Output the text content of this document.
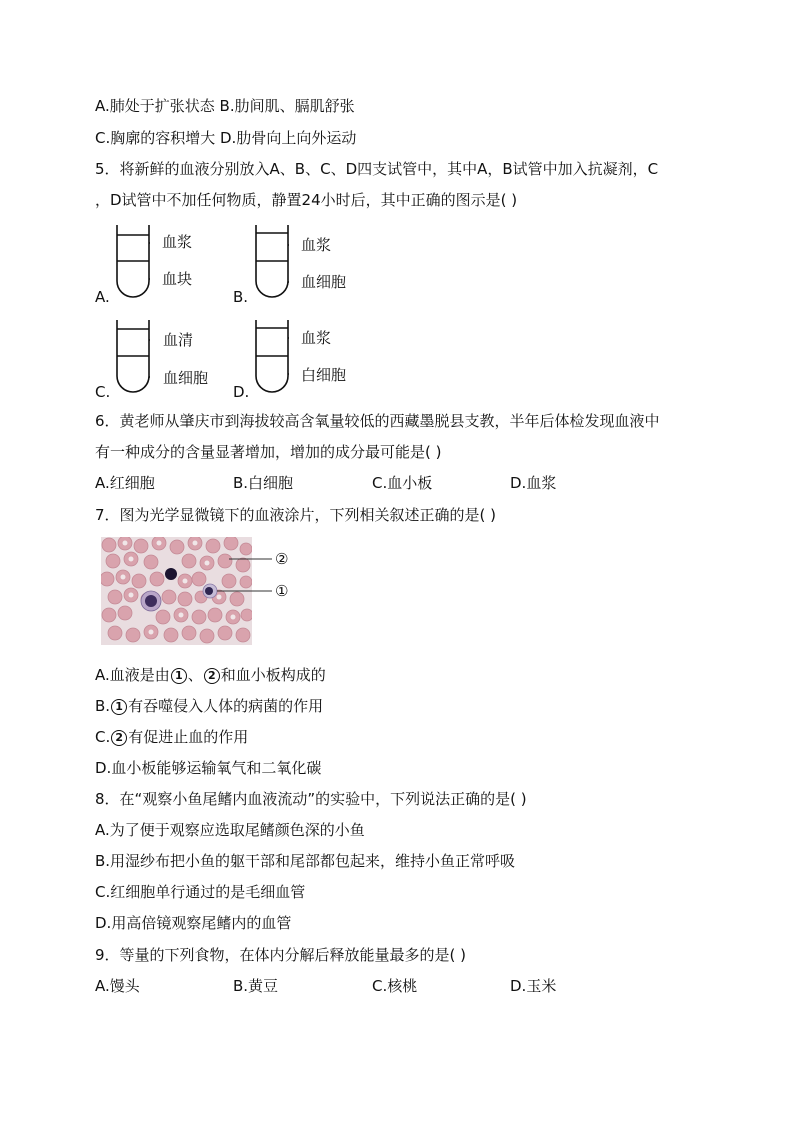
A.肺处于扩张状态 B.肋间肌、膈肌舒张
C.胸廓的容积增大 D.肋骨向上向外运动
5．将新鲜的血液分别放入A、B、C、D四支试管中，其中A，B试管中加入抗凝剂，C
，D试管中不加任何物质，静置24小时后，其中正确的图示是( )
血浆
血块
A.
血浆
血细胞
B.
血清
血细胞
C.
血浆
白细胞
D.
6．黄老师从肇庆市到海拔较高含氧量较低的西藏墨脱县支教，半年后体检发现血液中
有一种成分的含量显著增加，增加的成分最可能是( )
A.红细胞	B.白细胞	C.血小板	D.血浆
7．图为光学显微镜下的血液涂片，下列相关叙述正确的是( )
②
①
A.血液是由 1 、 2 和血小板构成的
B. 1 有吞噬侵入人体的病菌的作用
C. 2 有促进止血的作用
D.血小板能够运输氧气和二氧化碳
8．在“观察小鱼尾鳍内血液流动”的实验中，下列说法正确的是( )
A.为了便于观察应选取尾鳍颜色深的小鱼
B.用湿纱布把小鱼的躯干部和尾部都包起来，维持小鱼正常呼吸
C.红细胞单行通过的是毛细血管
D.用高倍镜观察尾鳍内的血管
9．等量的下列食物，在体内分解后释放能量最多的是( )
A.馒头	B.黄豆	C.核桃	D.玉米
